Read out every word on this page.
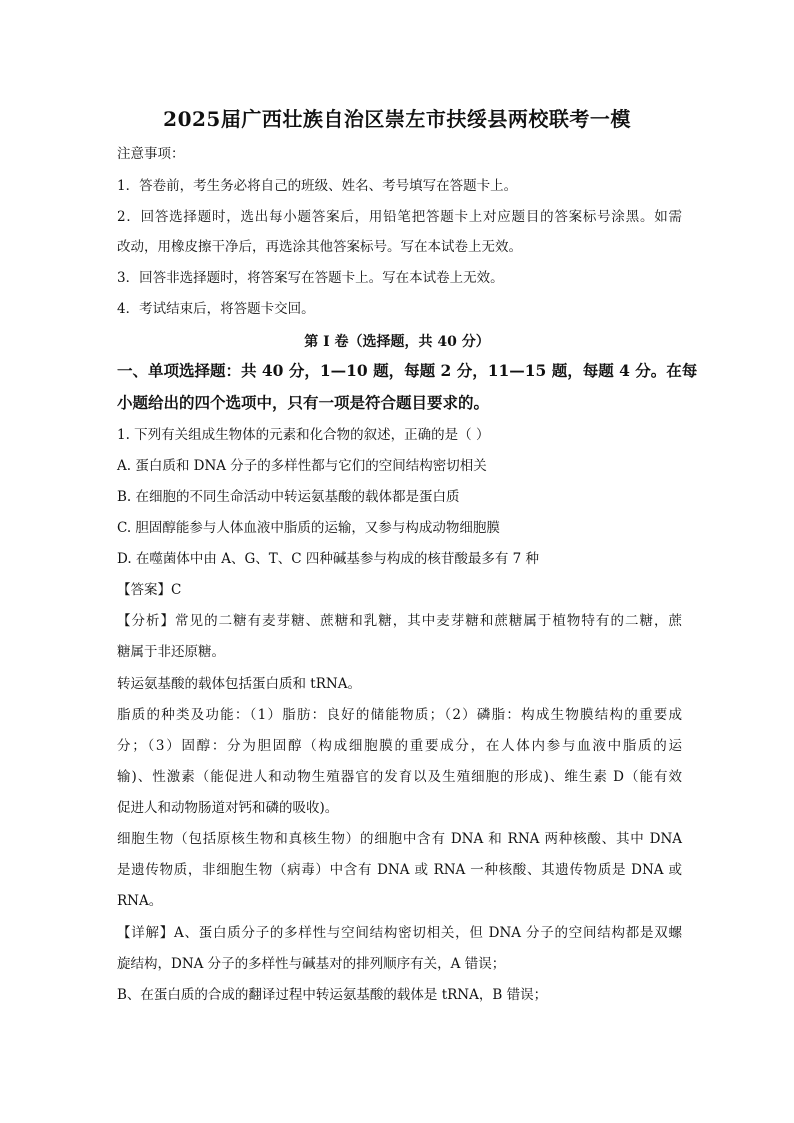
2025届广西壮族自治区崇左市扶绥县两校联考一模
注意事项：
1．答卷前，考生务必将自己的班级、姓名、考号填写在答题卡上。
2．回答选择题时，选出每小题答案后，用铅笔把答题卡上对应题目的答案标号涂黑。如需
改动，用橡皮擦干净后，再选涂其他答案标号。写在本试卷上无效。
3．回答非选择题时，将答案写在答题卡上。写在本试卷上无效。
4．考试结束后，将答题卡交回。
第 I 卷（选择题，共 40 分）
一、单项选择题：共 40 分，1—10 题，每题 2 分，11—15 题，每题 4 分。在每
小题给出的四个选项中，只有一项是符合题目要求的。
1. 下列有关组成生物体的元素和化合物的叙述，正确的是（ ）
A. 蛋白质和 DNA 分子的多样性都与它们的空间结构密切相关
B. 在细胞的不同生命活动中转运氨基酸的载体都是蛋白质
C. 胆固醇能参与人体血液中脂质的运输，又参与构成动物细胞膜
D. 在噬菌体中由 A、G、T、C 四种碱基参与构成的核苷酸最多有 7 种
【答案】C
【分析】常见的二糖有麦芽糖、蔗糖和乳糖，其中麦芽糖和蔗糖属于植物特有的二糖，蔗
糖属于非还原糖。
转运氨基酸的载体包括蛋白质和 tRNA。
脂质的种类及功能：（1）脂肪：良好的储能物质；（2）磷脂：构成生物膜结构的重要成
分；（3）固醇：分为胆固醇（构成细胞膜的重要成分，在人体内参与血液中脂质的运
输)、性激素（能促进人和动物生殖器官的发育以及生殖细胞的形成)、维生素 D（能有效
促进人和动物肠道对钙和磷的吸收)。
细胞生物（包括原核生物和真核生物）的细胞中含有 DNA 和 RNA 两种核酸、其中 DNA
是遗传物质，非细胞生物（病毒）中含有 DNA 或 RNA 一种核酸、其遗传物质是 DNA 或
RNA。
【详解】A、蛋白质分子的多样性与空间结构密切相关，但 DNA 分子的空间结构都是双螺
旋结构，DNA 分子的多样性与碱基对的排列顺序有关，A 错误；
B、在蛋白质的合成的翻译过程中转运氨基酸的载体是 tRNA，B 错误；
